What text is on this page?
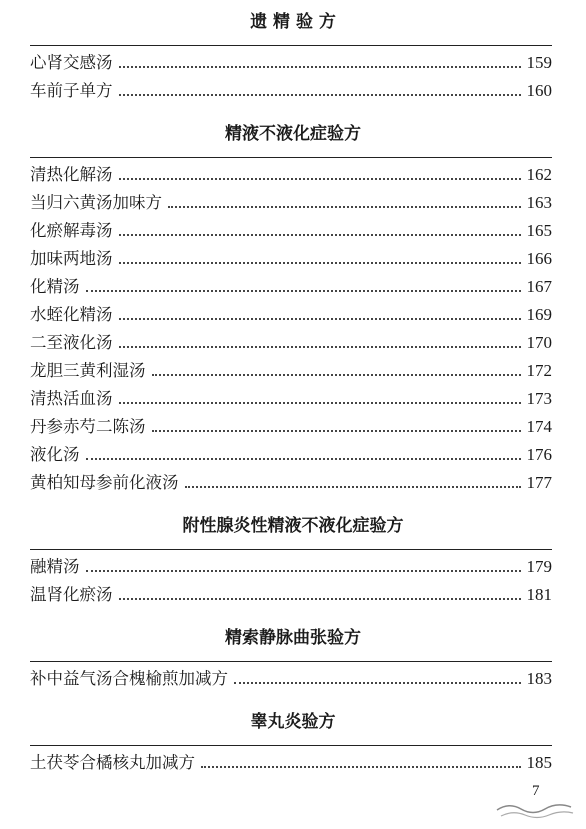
遗 精 验 方
心肾交感汤	159
车前子单方	160
精液不液化症验方
清热化解汤	162
当归六黄汤加味方	163
化瘀解毒汤	165
加味两地汤	166
化精汤	167
水蛭化精汤	169
二至液化汤	170
龙胆三黄利湿汤	172
清热活血汤	173
丹参赤芍二陈汤	174
液化汤	176
黄柏知母参前化液汤	177
附性腺炎性精液不液化症验方
融精汤	179
温肾化瘀汤	181
精索静脉曲张验方
补中益气汤合槐榆煎加减方	183
睾丸炎验方
土茯苓合橘核丸加减方	185
7
